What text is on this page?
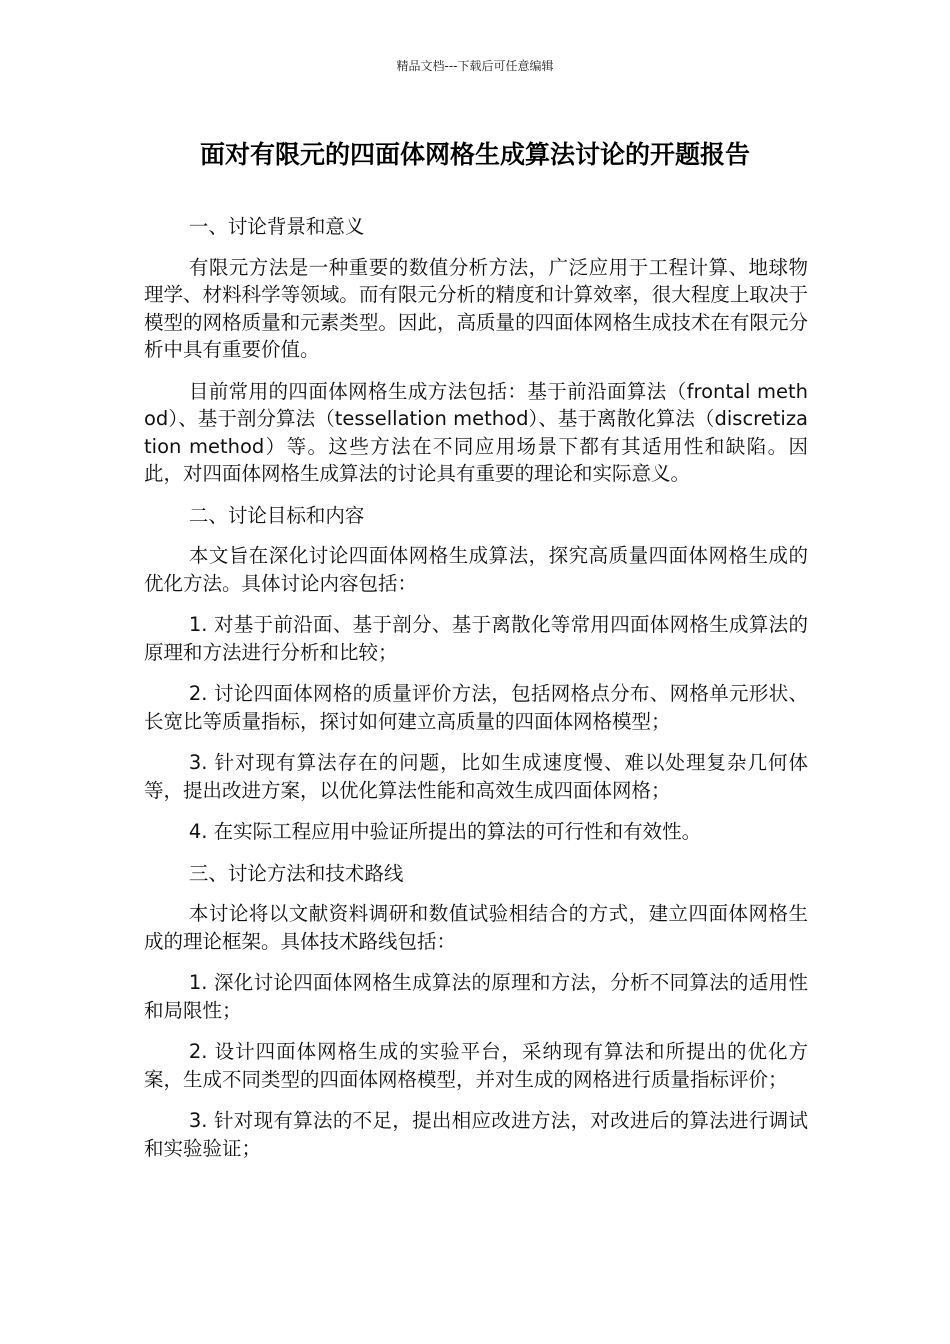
精品文档---下载后可任意编辑
面对有限元的四面体网格生成算法讨论的开题报告

一、讨论背景和意义

有限元方法是一种重要的数值分析方法，广泛应用于工程计算、地球物理学、材料科学等领域。而有限元分析的精度和计算效率，很大程度上取决于模型的网格质量和元素类型。因此，高质量的四面体网格生成技术在有限元分析中具有重要价值。

目前常用的四面体网格生成方法包括：基于前沿面算法（frontal method）、基于剖分算法（tessellation method）、基于离散化算法（discretization method）等。这些方法在不同应用场景下都有其适用性和缺陷。因此，对四面体网格生成算法的讨论具有重要的理论和实际意义。

二、讨论目标和内容

本文旨在深化讨论四面体网格生成算法，探究高质量四面体网格生成的优化方法。具体讨论内容包括：

1. 对基于前沿面、基于剖分、基于离散化等常用四面体网格生成算法的原理和方法进行分析和比较；

2. 讨论四面体网格的质量评价方法，包括网格点分布、网格单元形状、长宽比等质量指标，探讨如何建立高质量的四面体网格模型；

3. 针对现有算法存在的问题，比如生成速度慢、难以处理复杂几何体等，提出改进方案，以优化算法性能和高效生成四面体网格；

4. 在实际工程应用中验证所提出的算法的可行性和有效性。

三、讨论方法和技术路线

本讨论将以文献资料调研和数值试验相结合的方式，建立四面体网格生成的理论框架。具体技术路线包括：

1. 深化讨论四面体网格生成算法的原理和方法，分析不同算法的适用性和局限性；

2. 设计四面体网格生成的实验平台，采纳现有算法和所提出的优化方案，生成不同类型的四面体网格模型，并对生成的网格进行质量指标评价；

3. 针对现有算法的不足，提出相应改进方法，对改进后的算法进行调试和实验验证；
